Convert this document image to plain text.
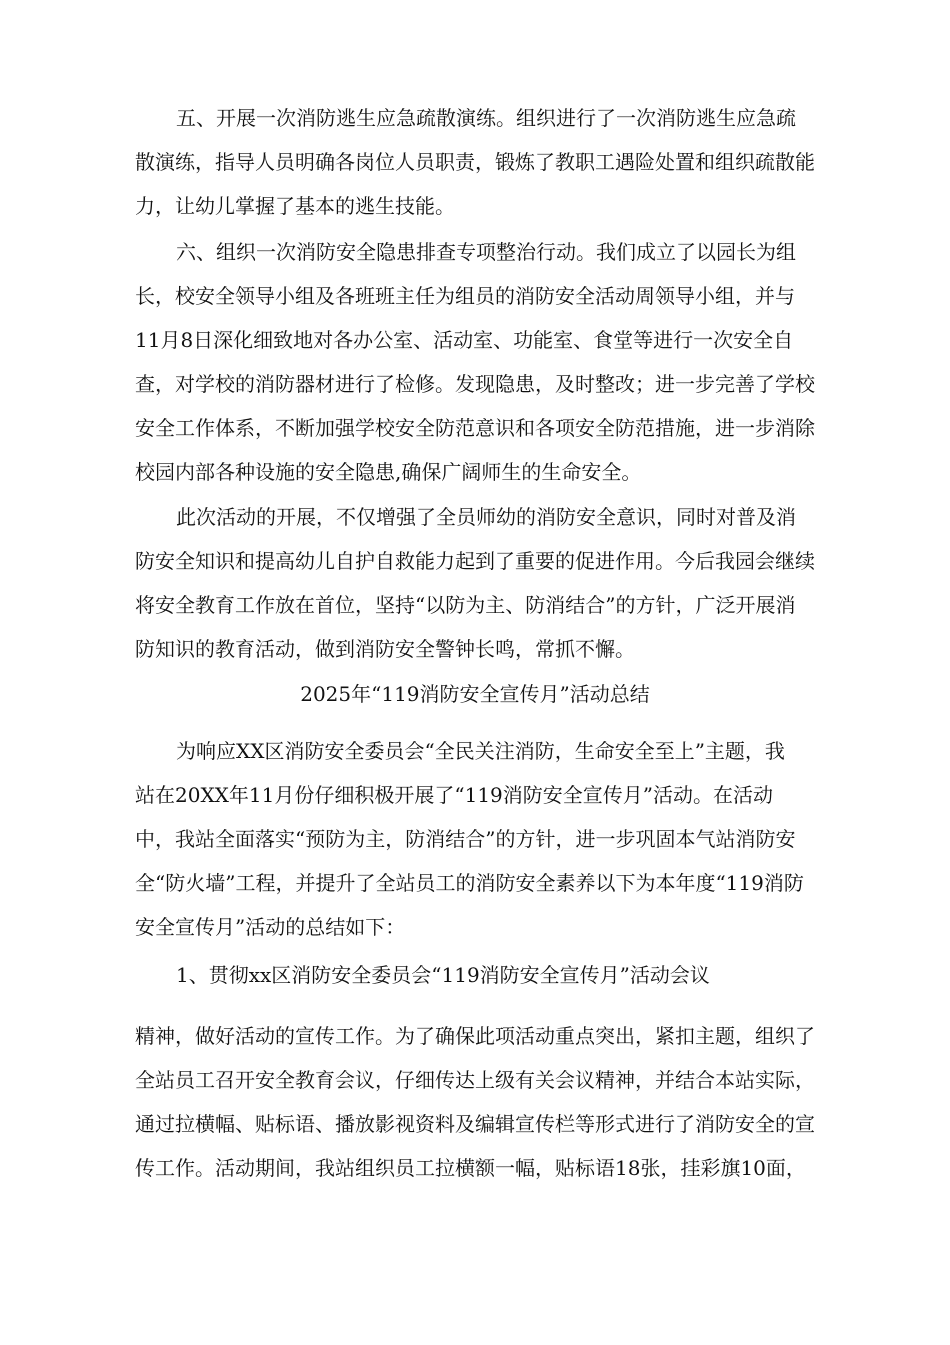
五、开展一次消防逃生应急疏散演练。组织进行了一次消防逃生应急疏
散演练，指导人员明确各岗位人员职责，锻炼了教职工遇险处置和组织疏散能
力，让幼儿掌握了基本的逃生技能。
六、组织一次消防安全隐患排查专项整治行动。我们成立了以园长为组
长，校安全领导小组及各班班主任为组员的消防安全活动周领导小组，并与
11月8日深化细致地对各办公室、活动室、功能室、食堂等进行一次安全自
查，对学校的消防器材进行了检修。发现隐患，及时整改；进一步完善了学校
安全工作体系，不断加强学校安全防范意识和各项安全防范措施，进一步消除
校园内部各种设施的安全隐患,确保广阔师生的生命安全。
此次活动的开展，不仅增强了全员师幼的消防安全意识，同时对普及消
防安全知识和提高幼儿自护自救能力起到了重要的促进作用。今后我园会继续
将安全教育工作放在首位，坚持“以防为主、防消结合”的方针，广泛开展消
防知识的教育活动，做到消防安全警钟长鸣，常抓不懈。
2025年“119消防安全宣传月”活动总结
为响应XX区消防安全委员会“全民关注消防，生命安全至上”主题，我
站在20XX年11月份仔细积极开展了“119消防安全宣传月”活动。在活动
中，我站全面落实“预防为主，防消结合”的方针，进一步巩固本气站消防安
全“防火墙”工程，并提升了全站员工的消防安全素养以下为本年度“119消防
安全宣传月”活动的总结如下：
1、贯彻xx区消防安全委员会“119消防安全宣传月”活动会议
精神，做好活动的宣传工作。为了确保此项活动重点突出，紧扣主题，组织了
全站员工召开安全教育会议，仔细传达上级有关会议精神，并结合本站实际，
通过拉横幅、贴标语、播放影视资料及编辑宣传栏等形式进行了消防安全的宣
传工作。活动期间，我站组织员工拉横额一幅，贴标语18张，挂彩旗10面，
